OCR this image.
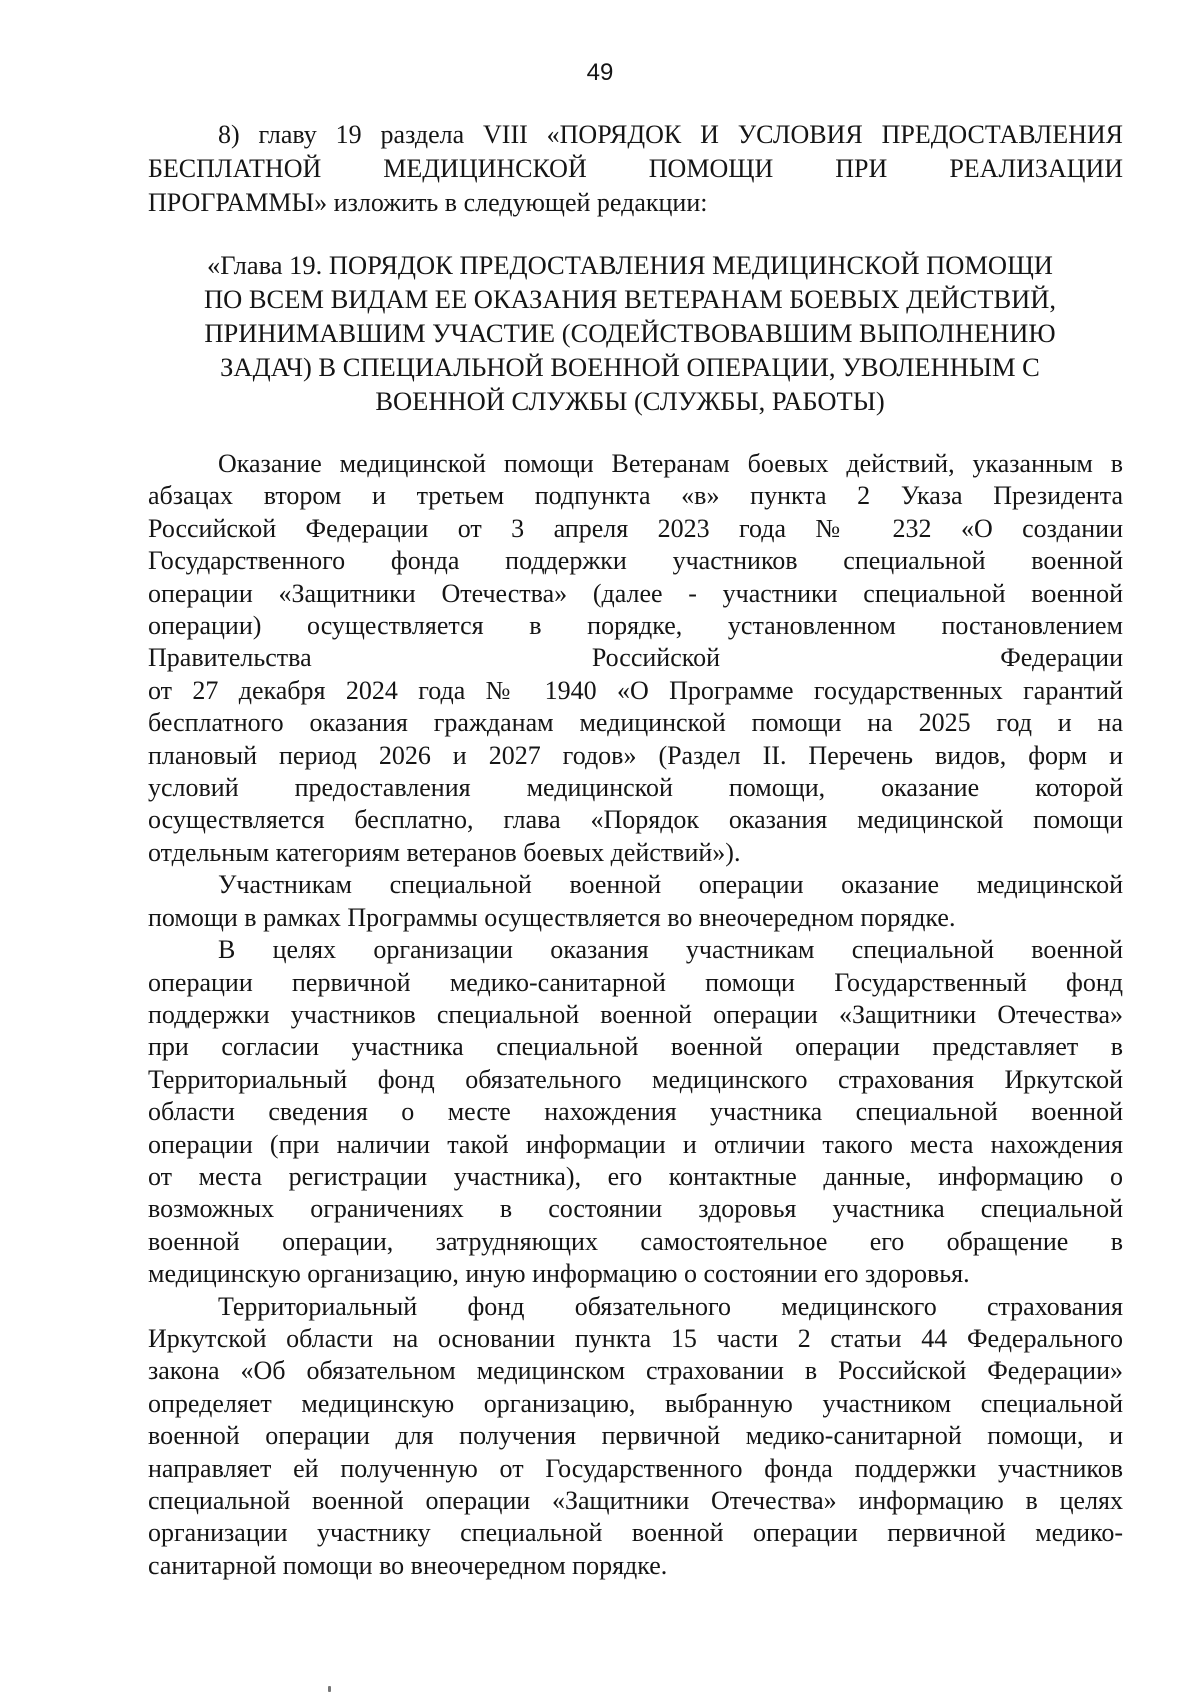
49
8) главу 19 раздела VIII «ПОРЯДОК И УСЛОВИЯ ПРЕДОСТАВЛЕНИЯ
БЕСПЛАТНОЙ МЕДИЦИНСКОЙ ПОМОЩИ ПРИ РЕАЛИЗАЦИИ
ПРОГРАММЫ» изложить в следующей редакции:
«Глава 19. ПОРЯДОК ПРЕДОСТАВЛЕНИЯ МЕДИЦИНСКОЙ ПОМОЩИ
ПО ВСЕМ ВИДАМ ЕЕ ОКАЗАНИЯ ВЕТЕРАНАМ БОЕВЫХ ДЕЙСТВИЙ,
ПРИНИМАВШИМ УЧАСТИЕ (СОДЕЙСТВОВАВШИМ ВЫПОЛНЕНИЮ
ЗАДАЧ) В СПЕЦИАЛЬНОЙ ВОЕННОЙ ОПЕРАЦИИ, УВОЛЕННЫМ С
ВОЕННОЙ СЛУЖБЫ (СЛУЖБЫ, РАБОТЫ)
Оказание медицинской помощи Ветеранам боевых действий, указанным в
абзацах втором и третьем подпункта «в» пункта 2 Указа Президента
Российской Федерации от 3 апреля 2023 года № 232 «О создании
Государственного фонда поддержки участников специальной военной
операции «Защитники Отечества» (далее - участники специальной военной
операции) осуществляется в порядке, установленном постановлением
Правительства Российской Федерации
от 27 декабря 2024 года № 1940 «О Программе государственных гарантий
бесплатного оказания гражданам медицинской помощи на 2025 год и на
плановый период 2026 и 2027 годов» (Раздел II. Перечень видов, форм и
условий предоставления медицинской помощи, оказание которой
осуществляется бесплатно, глава «Порядок оказания медицинской помощи
отдельным категориям ветеранов боевых действий»).
Участникам специальной военной операции оказание медицинской
помощи в рамках Программы осуществляется во внеочередном порядке.
В целях организации оказания участникам специальной военной
операции первичной медико-санитарной помощи Государственный фонд
поддержки участников специальной военной операции «Защитники Отечества»
при согласии участника специальной военной операции представляет в
Территориальный фонд обязательного медицинского страхования Иркутской
области сведения о месте нахождения участника специальной военной
операции (при наличии такой информации и отличии такого места нахождения
от места регистрации участника), его контактные данные, информацию о
возможных ограничениях в состоянии здоровья участника специальной
военной операции, затрудняющих самостоятельное его обращение в
медицинскую организацию, иную информацию о состоянии его здоровья.
Территориальный фонд обязательного медицинского страхования
Иркутской области на основании пункта 15 части 2 статьи 44 Федерального
закона «Об обязательном медицинском страховании в Российской Федерации»
определяет медицинскую организацию, выбранную участником специальной
военной операции для получения первичной медико-санитарной помощи, и
направляет ей полученную от Государственного фонда поддержки участников
специальной военной операции «Защитники Отечества» информацию в целях
организации участнику специальной военной операции первичной медико-
санитарной помощи во внеочередном порядке.
